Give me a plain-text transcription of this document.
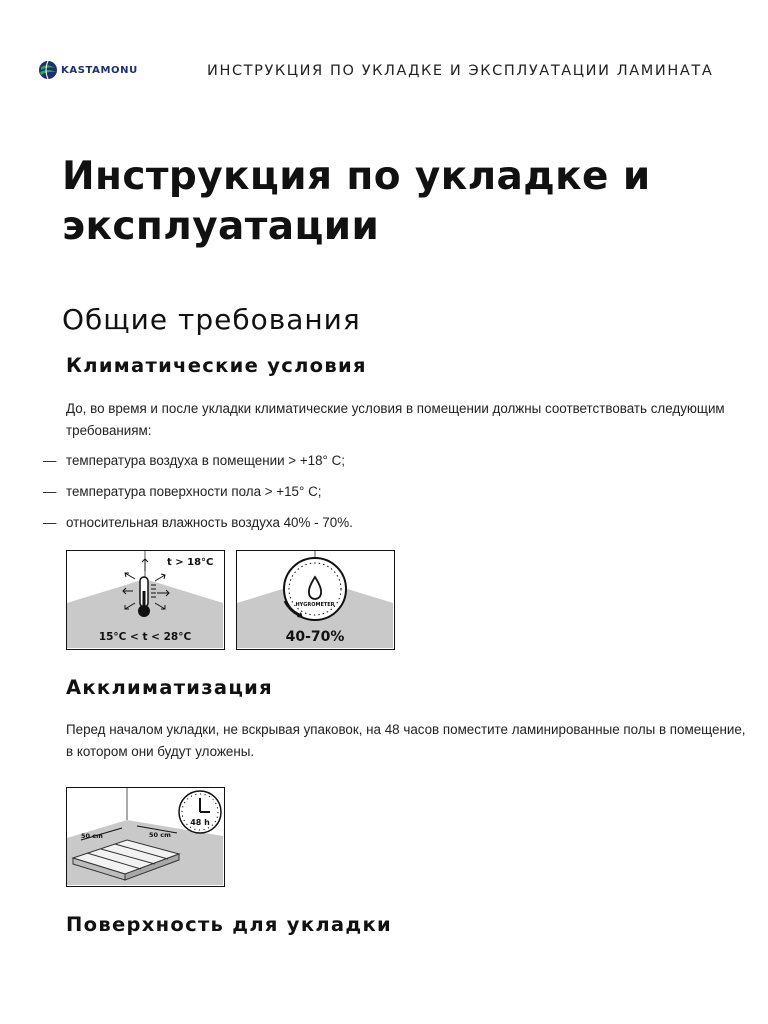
KASTAMONU	ИНСТРУКЦИЯ ПО УКЛАДКЕ И ЭКСПЛУАТАЦИИ ЛАМИНАТА
Инструкция по укладке и эксплуатации
Общие требования
Климатические условия

До, во время и после укладки климатические условия в помещении должны соответствовать следующим требованиям:

— температура воздуха в помещении > +18° С;
— температура поверхности пола > +15° С;
— относительная влажность воздуха 40% - 70%.
t > 18°C
15°C < t < 28°C
HYGROMETER
40-70%
Акклиматизация

Перед началом укладки, не вскрывая упаковок, на 48 часов поместите ламинированные полы в помещение, в котором они будут уложены.

50 cm	50 cm
48 h
Поверхность для укладки
